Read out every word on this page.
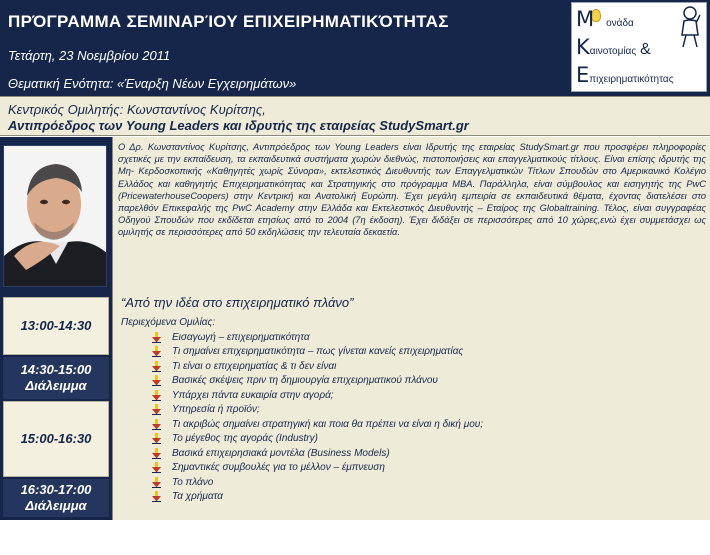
ΠΡΌΓΡΑΜΜΑ ΣΕΜΙΝΑΡΊΟΥ ΕΠΙΧΕΙΡΗΜΑΤΙΚΌΤΗΤΑΣ
Τετάρτη, 23 Νοεμβρίου 2011
Θεματική Ενότητα: «Έναρξη Νέων Εγχειρημάτων»
Μ ονάδα
Καινοτομίας &
Επιχειρηματικότητας
Κεντρικός Ομιλητής: Κωνσταντίνος Κυρίτσης,
Αντιπρόεδρος των Young Leaders και ιδρυτής της εταιρείας StudySmart.gr
13:00-14:30
14:30-15:00
Διάλειμμα
15:00-16:30
16:30-17:00
Διάλειμμα

Ο Δρ. Κωνσταντίνος Κυρίτσης, Αντιπρόεδρος των Young Leaders είναι Ιδρυτής της εταιρείας StudySmart.gr που προσφέρει πληροφορίες σχετικές με την εκπαίδευση, τα εκπαιδευτικά συστήματα χωρών διεθνώς, πιστοποιήσεις και επαγγελματικούς τίτλους. Είναι επίσης ιδρυτής της Μη- Κερδοσκοπικής «Καθηγητές χωρίς Σύνορα», εκτελεστικός Διευθυντής των Επαγγελματικών Τίτλων Σπουδών στο Αμερικανικό Κολέγιο Ελλάδος και καθηγητής Επιχειρηματικότητας και Στρατηγικής στο πρόγραμμα MBA. Παράλληλα, είναι σύμβουλος και εισηγητής της PwC (PricewaterhouseCoopers) στην Κεντρική και Ανατολική Ευρώπη. Έχει μεγάλη εμπειρία σε εκπαιδευτικά θέματα, έχοντας διατελέσει στο παρελθόν Επικεφαλής της PwC Academy στην Ελλάδα και Εκτελεστικός Διευθυντής – Εταίρος της Globaltraining. Τέλος, είναι συγγραφέας Οδηγού Σπουδών που εκδίδεται ετησίως από το 2004 (7η έκδοση). Έχει διδάξει σε περισσότερες από 10 χώρες,ενώ έχει συμμετάσχει ως ομιλητής σε περισσότερες από 50 εκδηλώσεις την τελευταία δεκαετία.

“Από την ιδέα στο επιχειρηματικό πλάνο”
Περιεχόμενα Ομιλίας:
Εισαγωγή – επιχειρηματικότητα
Τι σημαίνει επιχειρηματικότητα – πως γίνεται κανείς επιχειρηματίας
Τι είναι ο επιχειρηματίας & τι δεν είναι
Βασικές σκέψεις πριν τη δημιουργία επιχειρηματικού πλάνου
Υπάρχει πάντα ευκαιρία στην αγορά;
Υπηρεσία ή προϊόν;
Τι ακριβώς σημαίνει στρατηγική και ποια θα πρέπει να είναι η δική μου;
Το μέγεθος της αγοράς (Industry)
Βασικά επιχειρησιακά μοντέλα (Business Models)
Σημαντικές συμβουλές για το μέλλον – έμπνευση
Το πλάνο
Τα χρήματα
